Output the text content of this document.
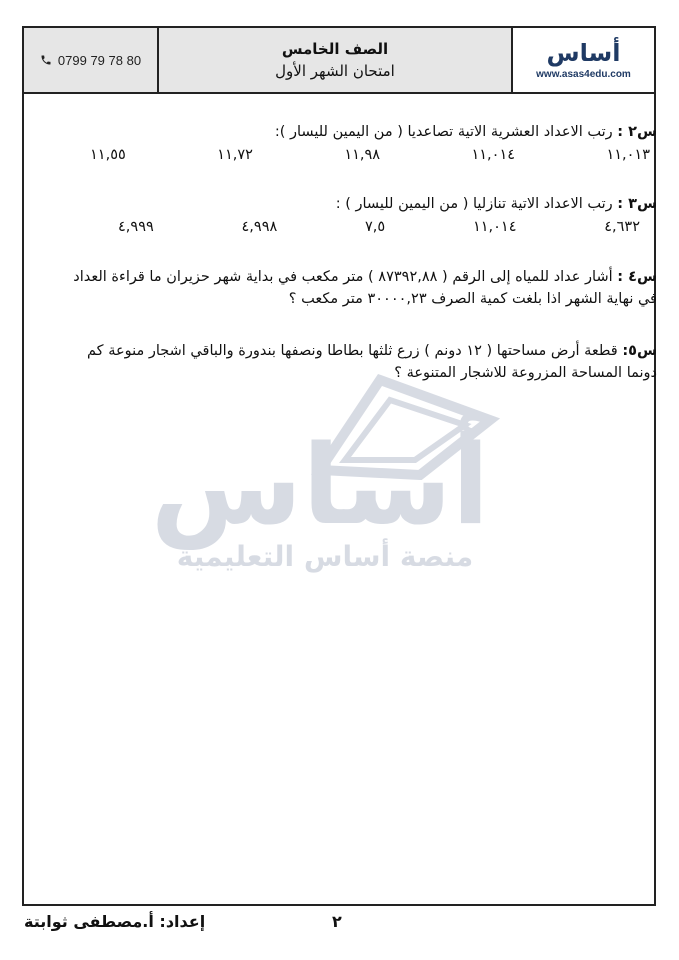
0799 79 78 80
الصف الخامس
امتحان الشهر الأول
أساس
www.asas4edu.com
أساس
منصة أساس التعليمية
س٢ : رتب الاعداد العشرية الاتية تصاعديا ( من اليمين لليسار ):
١١,٠١٣
١١,٠١٤
١١,٩٨
١١,٧٢
١١,٥٥
س٣ : رتب الاعداد الاتية تنازليا ( من اليمين لليسار ) :
٤,٦٣٢
١١,٠١٤
٧,٥
٤,٩٩٨
٤,٩٩٩
س٤ : أشار عداد للمياه إلى الرقم ( ٨٧٣٩٢,٨٨ ) متر مكعب في بداية شهر حزيران ما قراءة العداد في نهاية الشهر اذا بلغت كمية الصرف ٣٠٠٠٠,٢٣ متر مكعب ؟
س٥: قطعة أرض مساحتها ( ١٢ دونم ) زرع ثلثها بطاطا ونصفها بندورة والباقي اشجار منوعة كم دونما المساحة المزروعة للاشجار المتنوعة ؟
إعداد: أ.مصطفى ثوابتة	٢
